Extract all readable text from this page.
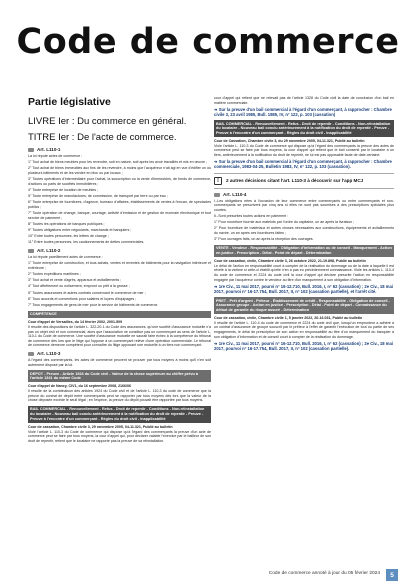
Code de commerce
Partie législative
LIVRE Ier : Du commerce en général.
TITRE Ier : De l'acte de commerce.
Art. L110-1
La loi répute actes de commerce :
1° Tout achat de biens meubles pour les revendre, soit en nature, soit après les avoir travaillés et mis en œuvre ;
2° Tout achat de biens immeubles aux fins de les revendre, à moins que l'acquéreur n'ait agi en vue d'édifier un ou plusieurs bâtiments et de les vendre en bloc ou par locaux ;
3° Toutes opérations d'intermédiaire pour l'achat, la souscription ou la vente d'immeubles, de fonds de commerce, d'actions ou parts de sociétés immobilières ;
4° Toute entreprise de location de meubles ;
5° Toute entreprise de manufactures, de commission, de transport par terre ou par eau ;
6° Toute entreprise de fournitures, d'agence, bureaux d'affaires, établissements de ventes à l'encan, de spectacles publics ;
7° Toute opération de change, banque, courtage, activité d'émission et de gestion de monnaie électronique et tout service de paiement ;
8° Toutes les opérations de banques publiques ;
9° Toutes obligations entre négociants, marchands et banquiers ;
10° Entre toutes personnes, les lettres de change ;
11° Entre toutes personnes, les cautionnements de dettes commerciales.
Art. L110-2
La loi répute pareillement actes de commerce :
1° Toute entreprise de construction, et tous achats, ventes et reventes de bâtiments pour la navigation intérieure et extérieure ;
2° Toutes expéditions maritimes ;
3° Tout achat et vente d'agrès, apparaux et avitaillements ;
4° Tout affrètement ou nolisement, emprunt ou prêt à la grosse ;
5° Toutes assurances et autres contrats concernant le commerce de mer ;
6° Tous accords et conventions pour salaires et loyers d'équipages ;
7° Tous engagements de gens de mer pour le service de bâtiments de commerce.
COMPÉTENCE
Cour d'appel de Versailles, du 14 février 2002, 2001-509
Il résulte des dispositions de l'article L. 322-20-1 du Code des assurances, qu'une société d'assurance mutuelle n'a pas un objet civil et non commercial, alors que l'association ne constitue pas un commerçant au sens de l'article L. 110-1 du Code de commerce. Une société d'assurance mutuelle ne saurait faire échec à la compétence du tribunal de commerce dès lors que le litige qui l'oppose à un commerçant relève d'une opération commerciale. Le tribunal de commerce demeure compétent pour connaître du litige opposant une mutuelle à un tiers non commerçant.
Art. L110-3
A l'égard des commerçants, les actes de commerce peuvent se prouver par tous moyens à moins qu'il n'en soit autrement disposé par la loi.
DEPOT - Preuve - Article 1924 du Code civil - Valeur de la chose supérieure au chiffre prévu à l'article 1341 du même Code
Cour d'appel de Nancy, CIV1, du 16 septembre 2008, 2166/06
Il résulte de la combinaison des articles 1924 du Code civil et de l'article L. 110-3 du code de commerce que la preuve du contrat de dépôt entre commerçants peut se rapporter par tous moyens dès lors que la valeur de la chose déposée excède le seuil légal ; en l'espèce, la preuve du dépôt pouvait être rapportée par tous moyens.
BAIL COMMERCIAL - Renouvellement - Refus - Droit de repentir - Conditions - Non-réinstallation du locataire - Nouveau bail conclu antérieurement à la notification du droit de repentir - Preuve - Preuve à l'encontre d'un commerçant - Règles du droit civil - Inapplicabilité
Cour de cassation, Chambre civile 3, 29 novembre 2005, 04-11.321, Publié au bulletin
Viole l'article L. 110-3 du Code de commerce qui dispose qu'à l'égard des commerçants la preuve d'un acte de commerce peut se faire par tous moyens, la cour d'appel qui, pour déclarer valable l'exercice par le bailleur de son droit de repentir, retient que le locataire ne rapporte pas la preuve de sa réinstallation.
cour d'appel qui retient que ne relevait pas de l'article 1328 du Code civil la date de conclusion d'un bail en matière commerciale.
➔ Sur la preuve d'un bail commercial à l'égard d'un commerçant, à rapprocher : Chambre civile 3, 23 avril 1985, Bull. 1985, IV, n° 122, p. 103 (cassation)
BAIL COMMERCIAL - Renouvellement - Refus - Droit de repentir - Conditions - Non-réinstallation du locataire - Nouveau bail conclu antérieurement à la notification du droit de repentir - Preuve - Preuve à l'encontre d'un commerçant - Règles du droit civil - Inapplicabilité
Cour de Cassation, Chambre civile 3, du 29 novembre 2005, 04-11.321, Publié au bulletin
Viole l'article L. 110-3 du Code de commerce qui dispose qu'à l'égard des commerçants la preuve des actes de commerce peut se faire par tous moyens, la cour d'appel qui retient que le bail consenti par le locataire à un tiers, antérieurement à la notification du droit de repentir, ne lui est pas opposable faute de date certaine.
➔ Sur la preuve d'un bail commercial à l'égard d'un commerçant, à rapprocher : Chambre commerciale, 1983-04-25, Bulletin 1983, IV, n° 122, p. 103 (cassation).
▯	2 autres décisions citant l'art. L110-3 à découvrir sur l'app MCJ
Art. L110-4
I.-Les obligations nées à l'occasion de leur commerce entre commerçants ou entre commerçants et non-commerçants se prescrivent par cinq ans si elles ne sont pas soumises à des prescriptions spéciales plus courtes.
II.-Sont prescrites toutes actions en paiement :
1° Pour nourriture fournie aux matelots par l'ordre du capitaine, un an après la livraison ;
2° Pour fourniture de matériaux et autres choses nécessaires aux constructions, équipements et avitaillements du navire, un an après ces fournitures faites ;
3° Pour ouvrages faits, un an après la réception des ouvrages.
VENTE - Vendeur - Responsabilité - Obligation d'information ou de conseil - Manquement - Action en justice - Prescription - Délai - Point de départ - Détermination
Cour de cassation, civile, Chambre civile 3, 26 octobre 2022, 21-19.898, Publié au bulletin
Le délai de l'action en responsabilité court à compter de la réalisation du dommage ou de la date à laquelle il est révélé à la victime si celle-ci établit qu'elle n'en a pas eu précédemment connaissance. Viole les articles L. 110-4 du code de commerce et 2224 du code civil la cour d'appel qui déclare prescrite l'action en responsabilité engagée par l'acquéreur contre le vendeur au titre d'un manquement à son obligation d'information.
➔ 1re Civ., 11 mai 2017, pourvi n° 16-12.710, Bull. 2016, I, n° 62 (cassation) ; 2e Civ., 18 mai 2017, pourvoi n° 16-17.754, Bull. 2017, II, n° 102 (cassation partielle), et l'arrêt cité.
PRET - Prêt d'argent - Prêteur - Établissement de crédit - Responsabilité - Obligation de conseil - Assurance groupe - Action en justice - Prescription - Délai - Point de départ - Connaissance du défaut de garantie du risque assuré - Détermination
Cour de cassation, civile, Chambre civile 1, 5 janvier 2022, 20-16.031, Publié au bulletin
Il résulte de l'article L. 110-4 du code de commerce et 2224 du code civil que, lorsqu'un emprunteur a adhéré à un contrat d'assurance de groupe souscrit par le prêteur à l'effet de garantir l'exécution de tout ou partie de ses engagements, le délai de prescription de son action en responsabilité au titre d'un manquement du banquier à son obligation d'information et de conseil court à compter de la réalisation du dommage.
➔ 1re Civ., 11 mai 2017, pourvi n° 16-12.710, Bull. 2016, I, n° 62 (cassation) ; 2e Civ., 18 mai 2017, pourvoi n° 16-17.754, Bull. 2017, II, n° 102 (cassation partielle).
Code de commerce annoté à jour du 05 février 2024	5
